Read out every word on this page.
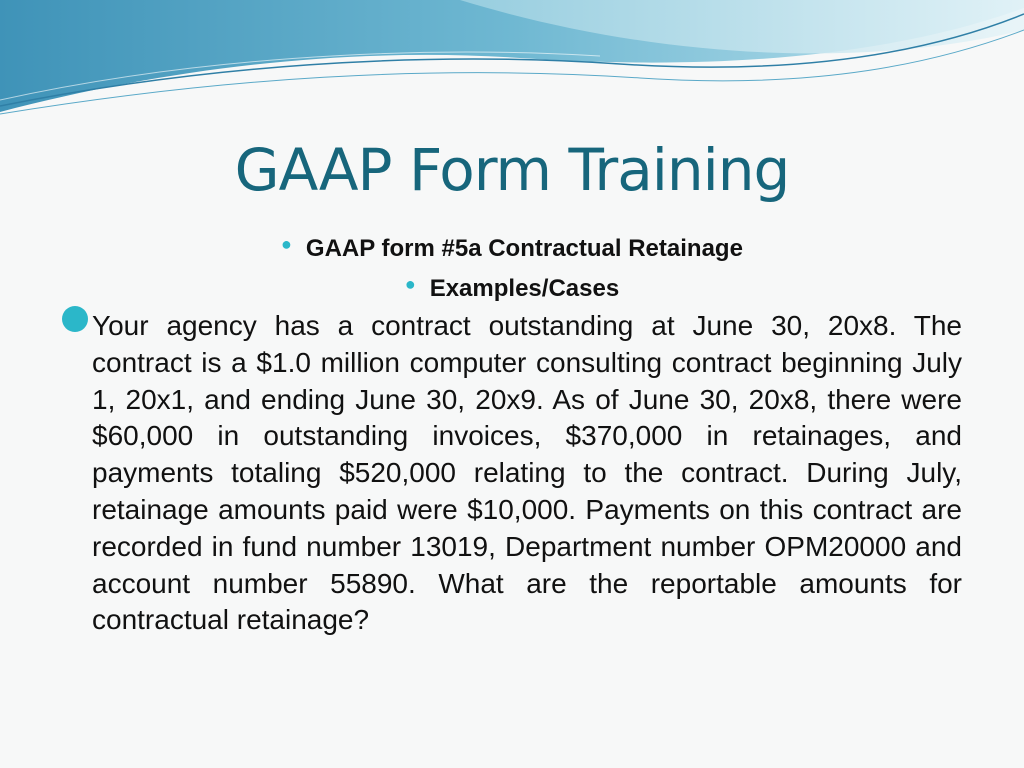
GAAP Form Training
● GAAP form #5a Contractual Retainage
● Examples/Cases
Your agency has a contract outstanding at June 30, 20x8. The contract is a $1.0 million computer consulting contract beginning July 1, 20x1, and ending June 30, 20x9. As of June 30, 20x8, there were $60,000 in outstanding invoices, $370,000 in retainages, and payments totaling $520,000 relating to the contract. During July, retainage amounts paid were $10,000. Payments on this contract are recorded in fund number 13019, Department number OPM20000 and account number 55890. What are the reportable amounts for contractual retainage?
